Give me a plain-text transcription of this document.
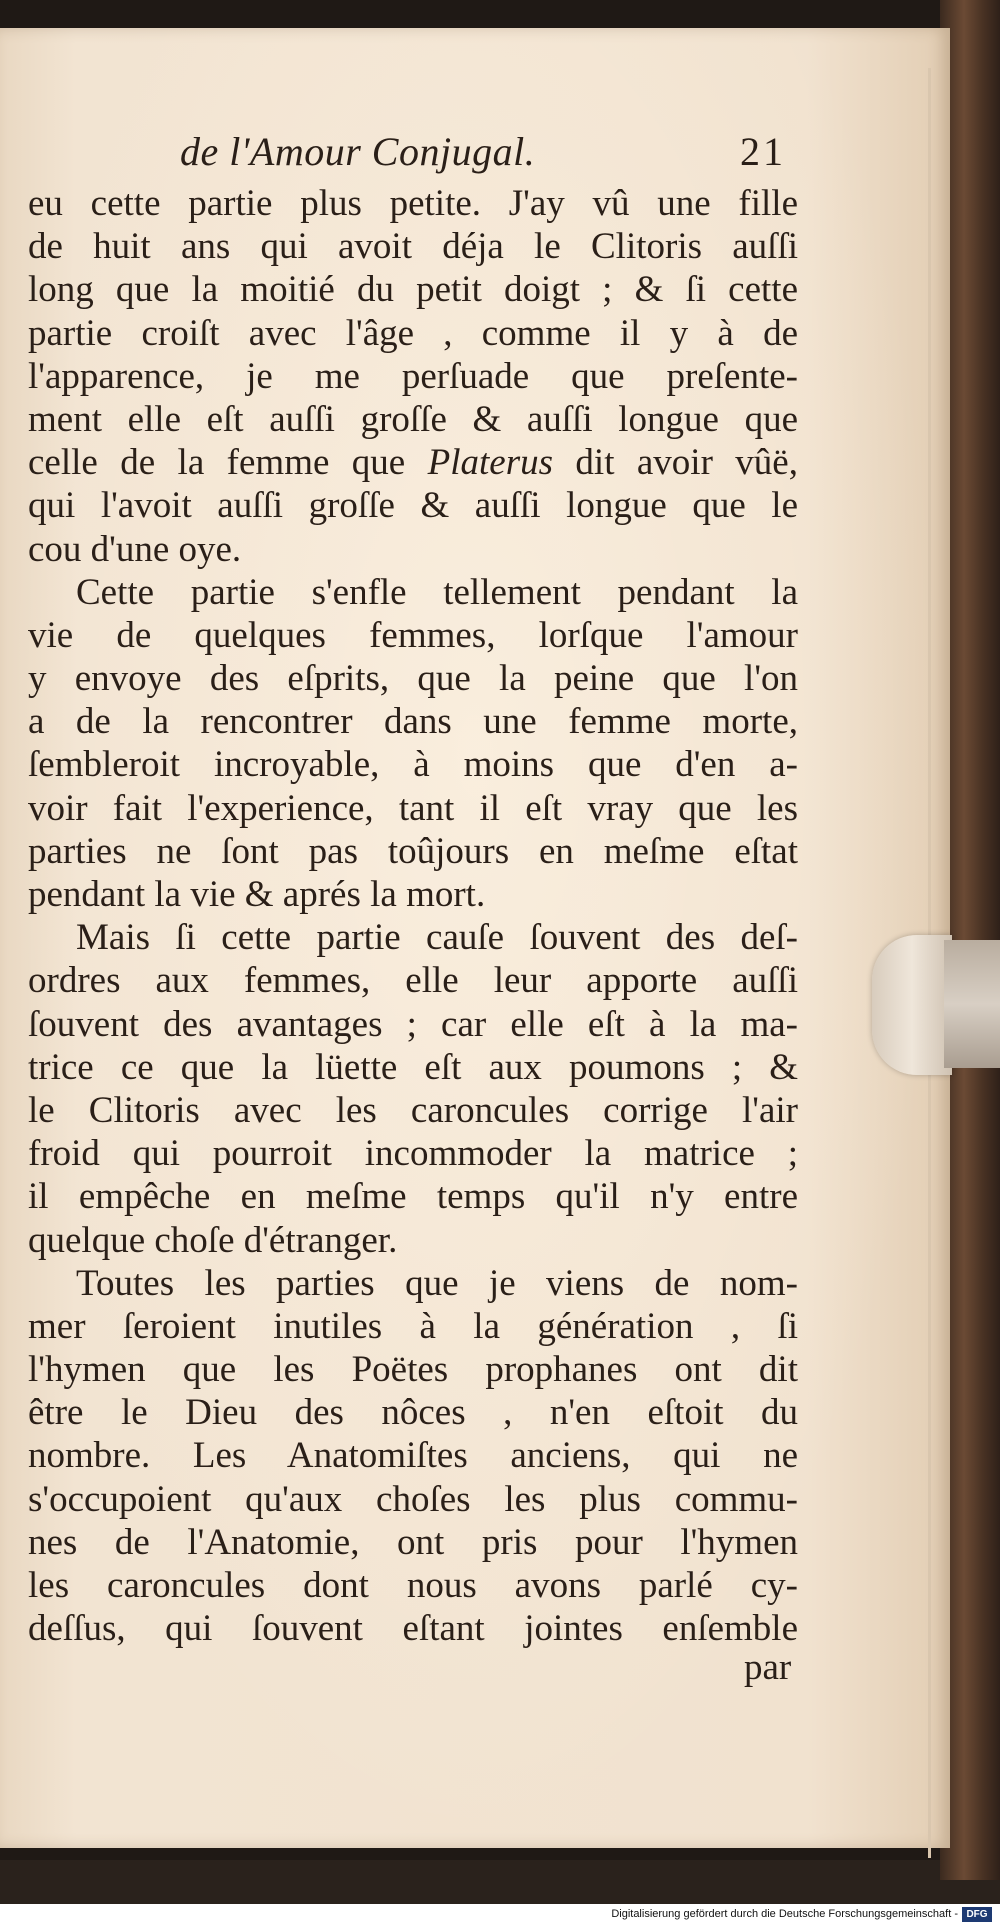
de l'Amour Conjugal.	21
eu cette partie plus petite. J'ay vû une fille
de huit ans qui avoit déja le Clitoris auſſi
long que la moitié du petit doigt ; & ſi cette
partie croiſt avec l'âge , comme il y à de
l'apparence, je me perſuade que preſente-
ment elle eſt auſſi groſſe & auſſi longue que
celle de la femme que Platerus dit avoir vûë,
qui l'avoit auſſi groſſe & auſſi longue que le
cou d'une oye.
Cette partie s'enfle tellement pendant la
vie de quelques femmes, lorſque l'amour
y envoye des eſprits, que la peine que l'on
a de la rencontrer dans une femme morte,
ſembleroit incroyable, à moins que d'en a-
voir fait l'experience, tant il eſt vray que les
parties ne ſont pas toûjours en meſme eſtat
pendant la vie & aprés la mort.
Mais ſi cette partie cauſe ſouvent des deſ-
ordres aux femmes, elle leur apporte auſſi
ſouvent des avantages ; car elle eſt à la ma-
trice ce que la lüette eſt aux poumons ; &
le Clitoris avec les caroncules corrige l'air
froid qui pourroit incommoder la matrice ;
il empêche en meſme temps qu'il n'y entre
quelque choſe d'étranger.
Toutes les parties que je viens de nom-
mer ſeroient inutiles à la génération , ſi
l'hymen que les Poëtes prophanes ont dit
être le Dieu des nôces , n'en eſtoit du
nombre. Les Anatomiſtes anciens, qui ne
s'occupoient qu'aux choſes les plus commu-
nes de l'Anatomie, ont pris pour l'hymen
les caroncules dont nous avons parlé cy-
deſſus, qui ſouvent eſtant jointes enſemble
par
Digitalisierung gefördert durch die Deutsche Forschungsgemeinschaft - DFG
